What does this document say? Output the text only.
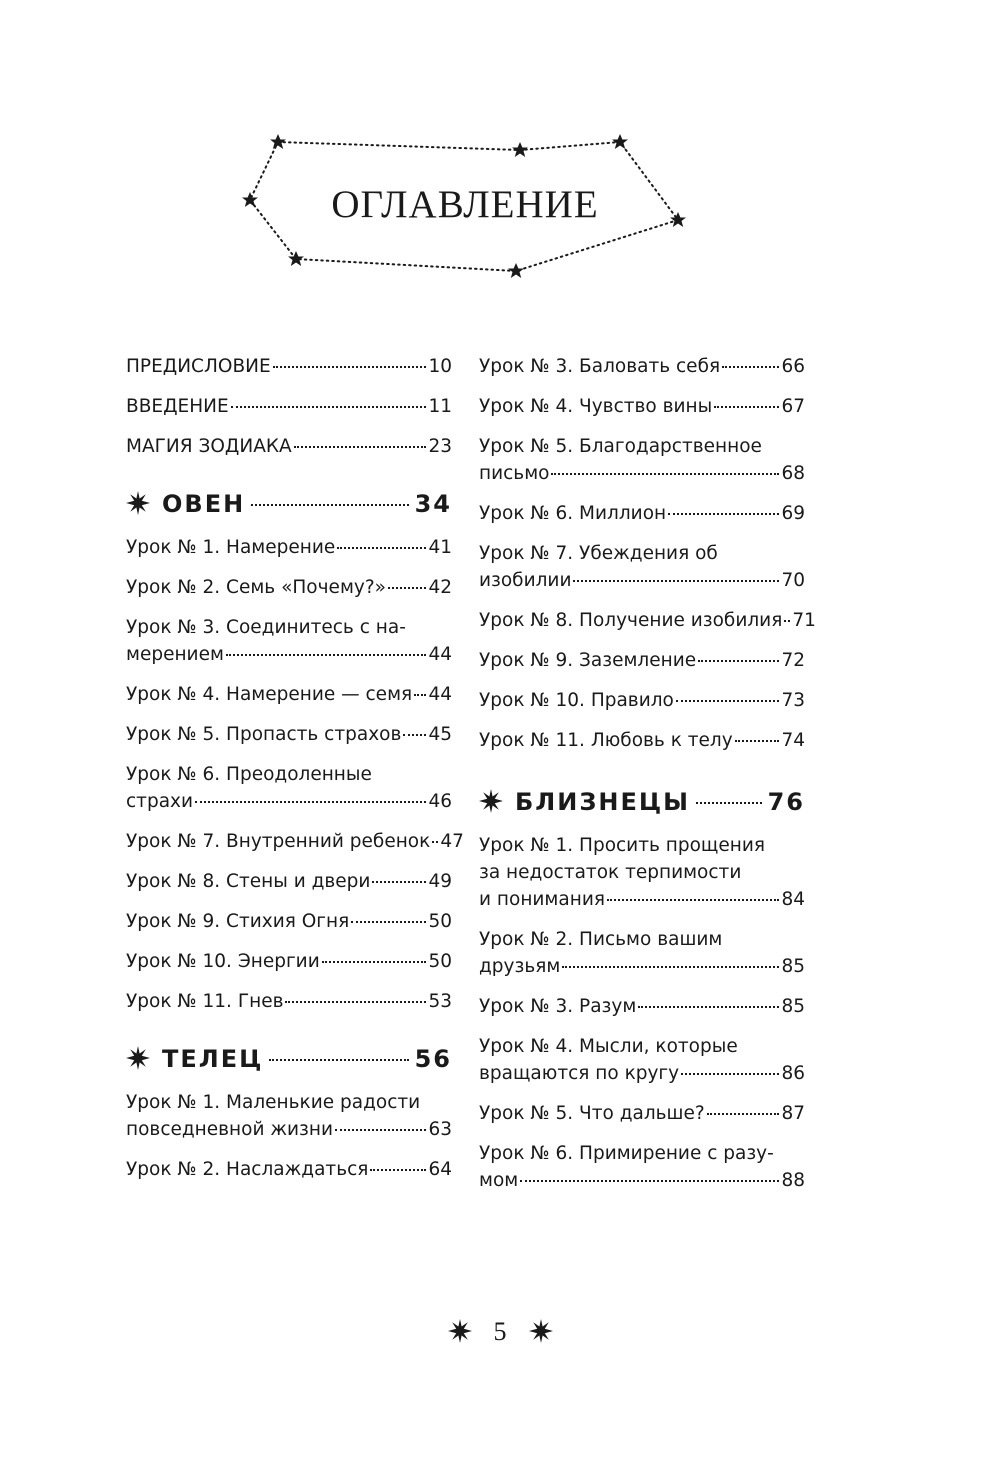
ОГЛАВЛЕНИЕ
ПРЕДИСЛОВИЕ	10
ВВЕДЕНИЕ	11
МАГИЯ ЗОДИАКА	23
ОВЕН	34
Урок № 1. Намерение	41
Урок № 2. Семь «Почему?» 42
Урок № 3. Соединитесь с на-
мерением	44
Урок № 4. Намерение — семя 44
Урок № 5. Пропасть страхов 45
Урок № 6. Преодоленные
страхи	46
Урок № 7. Внутренний ребенок 47
Урок № 8. Стены и двери	49
Урок № 9. Стихия Огня	50
Урок № 10. Энергии	50
Урок № 11. Гнев	53
ТЕЛЕЦ	56
Урок № 1. Маленькие радости
повседневной жизни	63
Урок № 2. Наслаждаться	64
Урок № 3. Баловать себя	66
Урок № 4. Чувство вины	67
Урок № 5. Благодарственное
письмо	68
Урок № 6. Миллион	69
Урок № 7. Убеждения об
изобилии	70
Урок № 8. Получение изобилия 71
Урок № 9. Заземление	72
Урок № 10. Правило	73
Урок № 11. Любовь к телу	74
БЛИЗНЕЦЫ	76
Урок № 1. Просить прощения
за недостаток терпимости
и понимания	84
Урок № 2. Письмо вашим
друзьям	85
Урок № 3. Разум	85
Урок № 4. Мысли, которые
вращаются по кругу	86
Урок № 5. Что дальше?	87
Урок № 6. Примирение с разу-
мом	88
5
